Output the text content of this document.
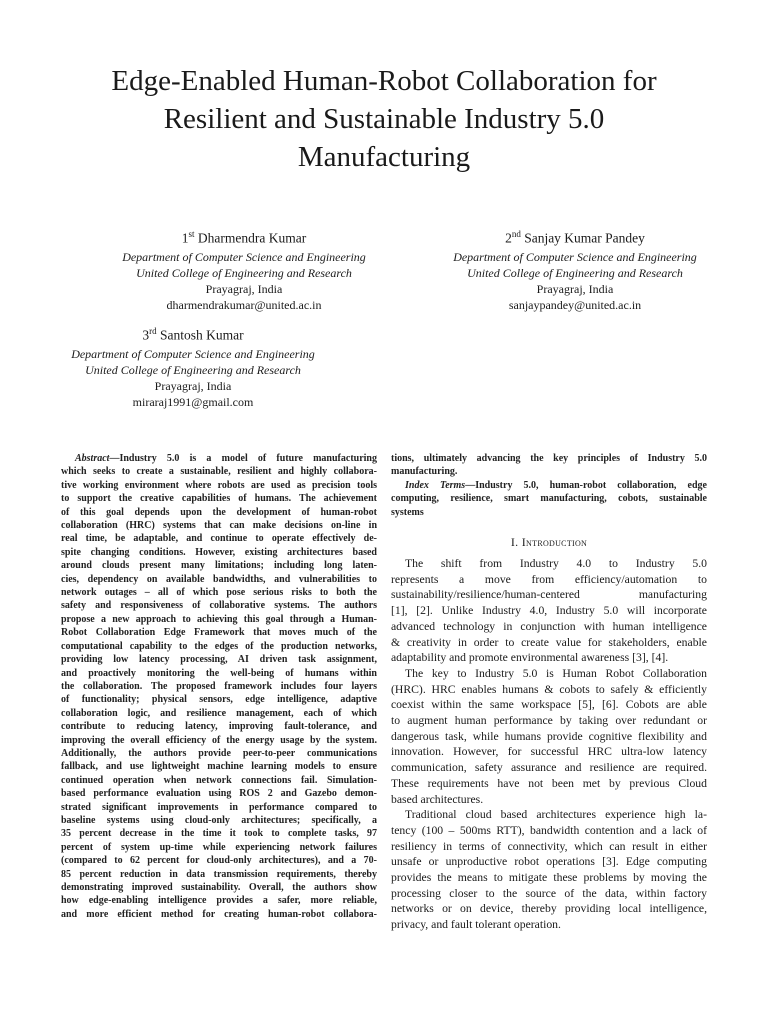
Edge-Enabled Human-Robot Collaboration for
Resilient and Sustainable Industry 5.0
Manufacturing
1st Dharmendra Kumar
Department of Computer Science and Engineering
United College of Engineering and Research
Prayagraj, India
dharmendrakumar@united.ac.in
2nd Sanjay Kumar Pandey
Department of Computer Science and Engineering
United College of Engineering and Research
Prayagraj, India
sanjaypandey@united.ac.in
3rd Santosh Kumar
Department of Computer Science and Engineering
United College of Engineering and Research
Prayagraj, India
miraraj1991@gmail.com

Abstract—Industry 5.0 is a model of future manufacturing

which seeks to create a sustainable, resilient and highly collabora-

tive working environment where robots are used as precision tools

to support the creative capabilities of humans. The achievement

of this goal depends upon the development of human-robot

collaboration (HRC) systems that can make decisions on-line in

real time, be adaptable, and continue to operate effectively de-

spite changing conditions. However, existing architectures based

around clouds present many limitations; including long laten-

cies, dependency on available bandwidths, and vulnerabilities to

network outages – all of which pose serious risks to both the

safety and responsiveness of collaborative systems. The authors

propose a new approach to achieving this goal through a Human-

Robot Collaboration Edge Framework that moves much of the

computational capability to the edges of the production networks,

providing low latency processing, AI driven task assignment,

and proactively monitoring the well-being of humans within

the collaboration. The proposed framework includes four layers

of functionality; physical sensors, edge intelligence, adaptive

collaboration logic, and resilience management, each of which

contribute to reducing latency, improving fault-tolerance, and

improving the overall efficiency of the energy usage by the system.

Additionally, the authors provide peer-to-peer communications

fallback, and use lightweight machine learning models to ensure

continued operation when network connections fail. Simulation-

based performance evaluation using ROS 2 and Gazebo demon-

strated significant improvements in performance compared to

baseline systems using cloud-only architectures; specifically, a

35 percent decrease in the time it took to complete tasks, 97

percent of system up-time while experiencing network failures

(compared to 62 percent for cloud-only architectures), and a 70-

85 percent reduction in data transmission requirements, thereby

demonstrating improved sustainability. Overall, the authors show

how edge-enabling intelligence provides a safer, more reliable,

and more efficient method for creating human-robot collabora-

tions, ultimately advancing the key principles of Industry 5.0

manufacturing.

Index Terms—Industry 5.0, human-robot collaboration, edge

computing, resilience, smart manufacturing, cobots, sustainable

systems

I. Introduction

The shift from Industry 4.0 to Industry 5.0

represents a move from efficiency/automation to

sustainability/resilience/human-centered manufacturing

[1], [2]. Unlike Industry 4.0, Industry 5.0 will incorporate

advanced technology in conjunction with human intelligence

& creativity in order to create value for stakeholders, enable

adaptability and promote environmental awareness [3], [4].

The key to Industry 5.0 is Human Robot Collaboration

(HRC). HRC enables humans & cobots to safely & efficiently

coexist within the same workspace [5], [6]. Cobots are able

to augment human performance by taking over redundant or

dangerous task, while humans provide cognitive flexibility and

innovation. However, for successful HRC ultra-low latency

communication, safety assurance and resilience are required.

These requirements have not been met by previous Cloud

based architectures.

Traditional cloud based architectures experience high la-

tency (100 – 500ms RTT), bandwidth contention and a lack of

resiliency in terms of connectivity, which can result in either

unsafe or unproductive robot operations [3]. Edge computing

provides the means to mitigate these problems by moving the

processing closer to the source of the data, within factory

networks or on device, thereby providing local intelligence,

privacy, and fault tolerant operation.
